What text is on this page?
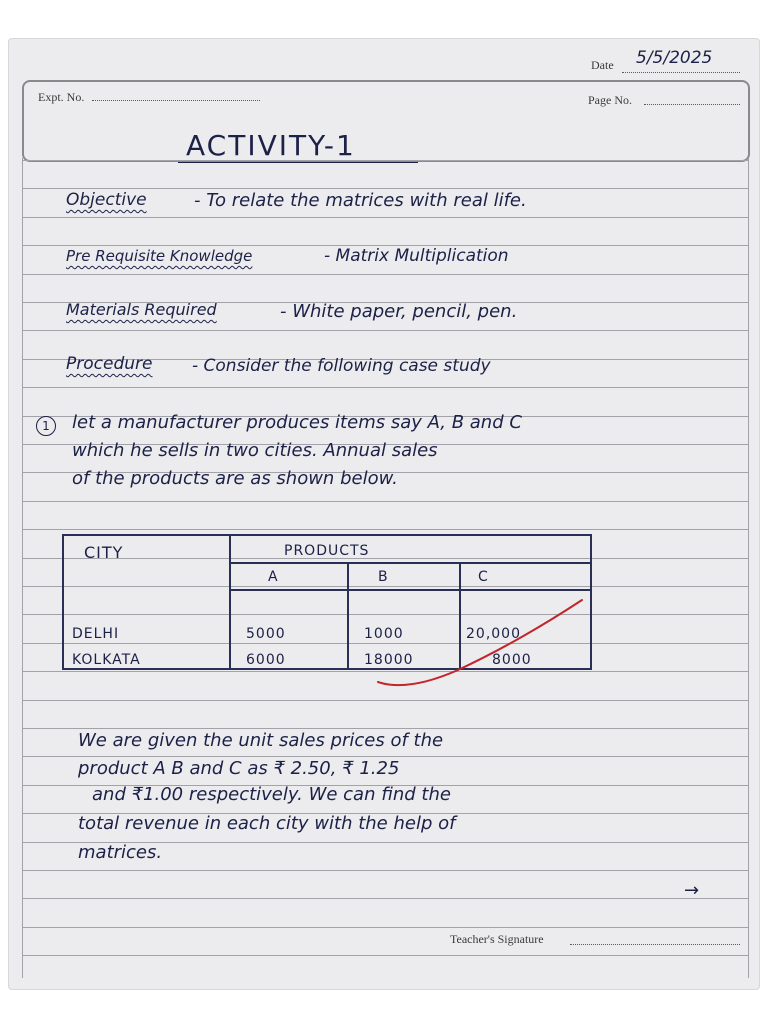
Date 5/5/2025
Expt. No.	Page No.
ACTIVITY-1
Objective	- To relate the matrices with real life.
Pre Requisite Knowledge	- Matrix Multiplication
Materials Required	- White paper, pencil, pen.
Procedure - Consider the following case study
1	let a manufacturer produces items say A, B and C
which he sells in two cities. Annual sales
of the products are as shown below.
CITY	PRODUCTS
A	B	C
DELHI	5000	1000	20,000
KOLKATA	6000	18000	8000
We are given the unit sales prices of the
product A B and C as ₹ 2.50, ₹ 1.25
and ₹1.00 respectively. We can find the
total revenue in each city with the help of
matrices.
→
Teacher's Signature
